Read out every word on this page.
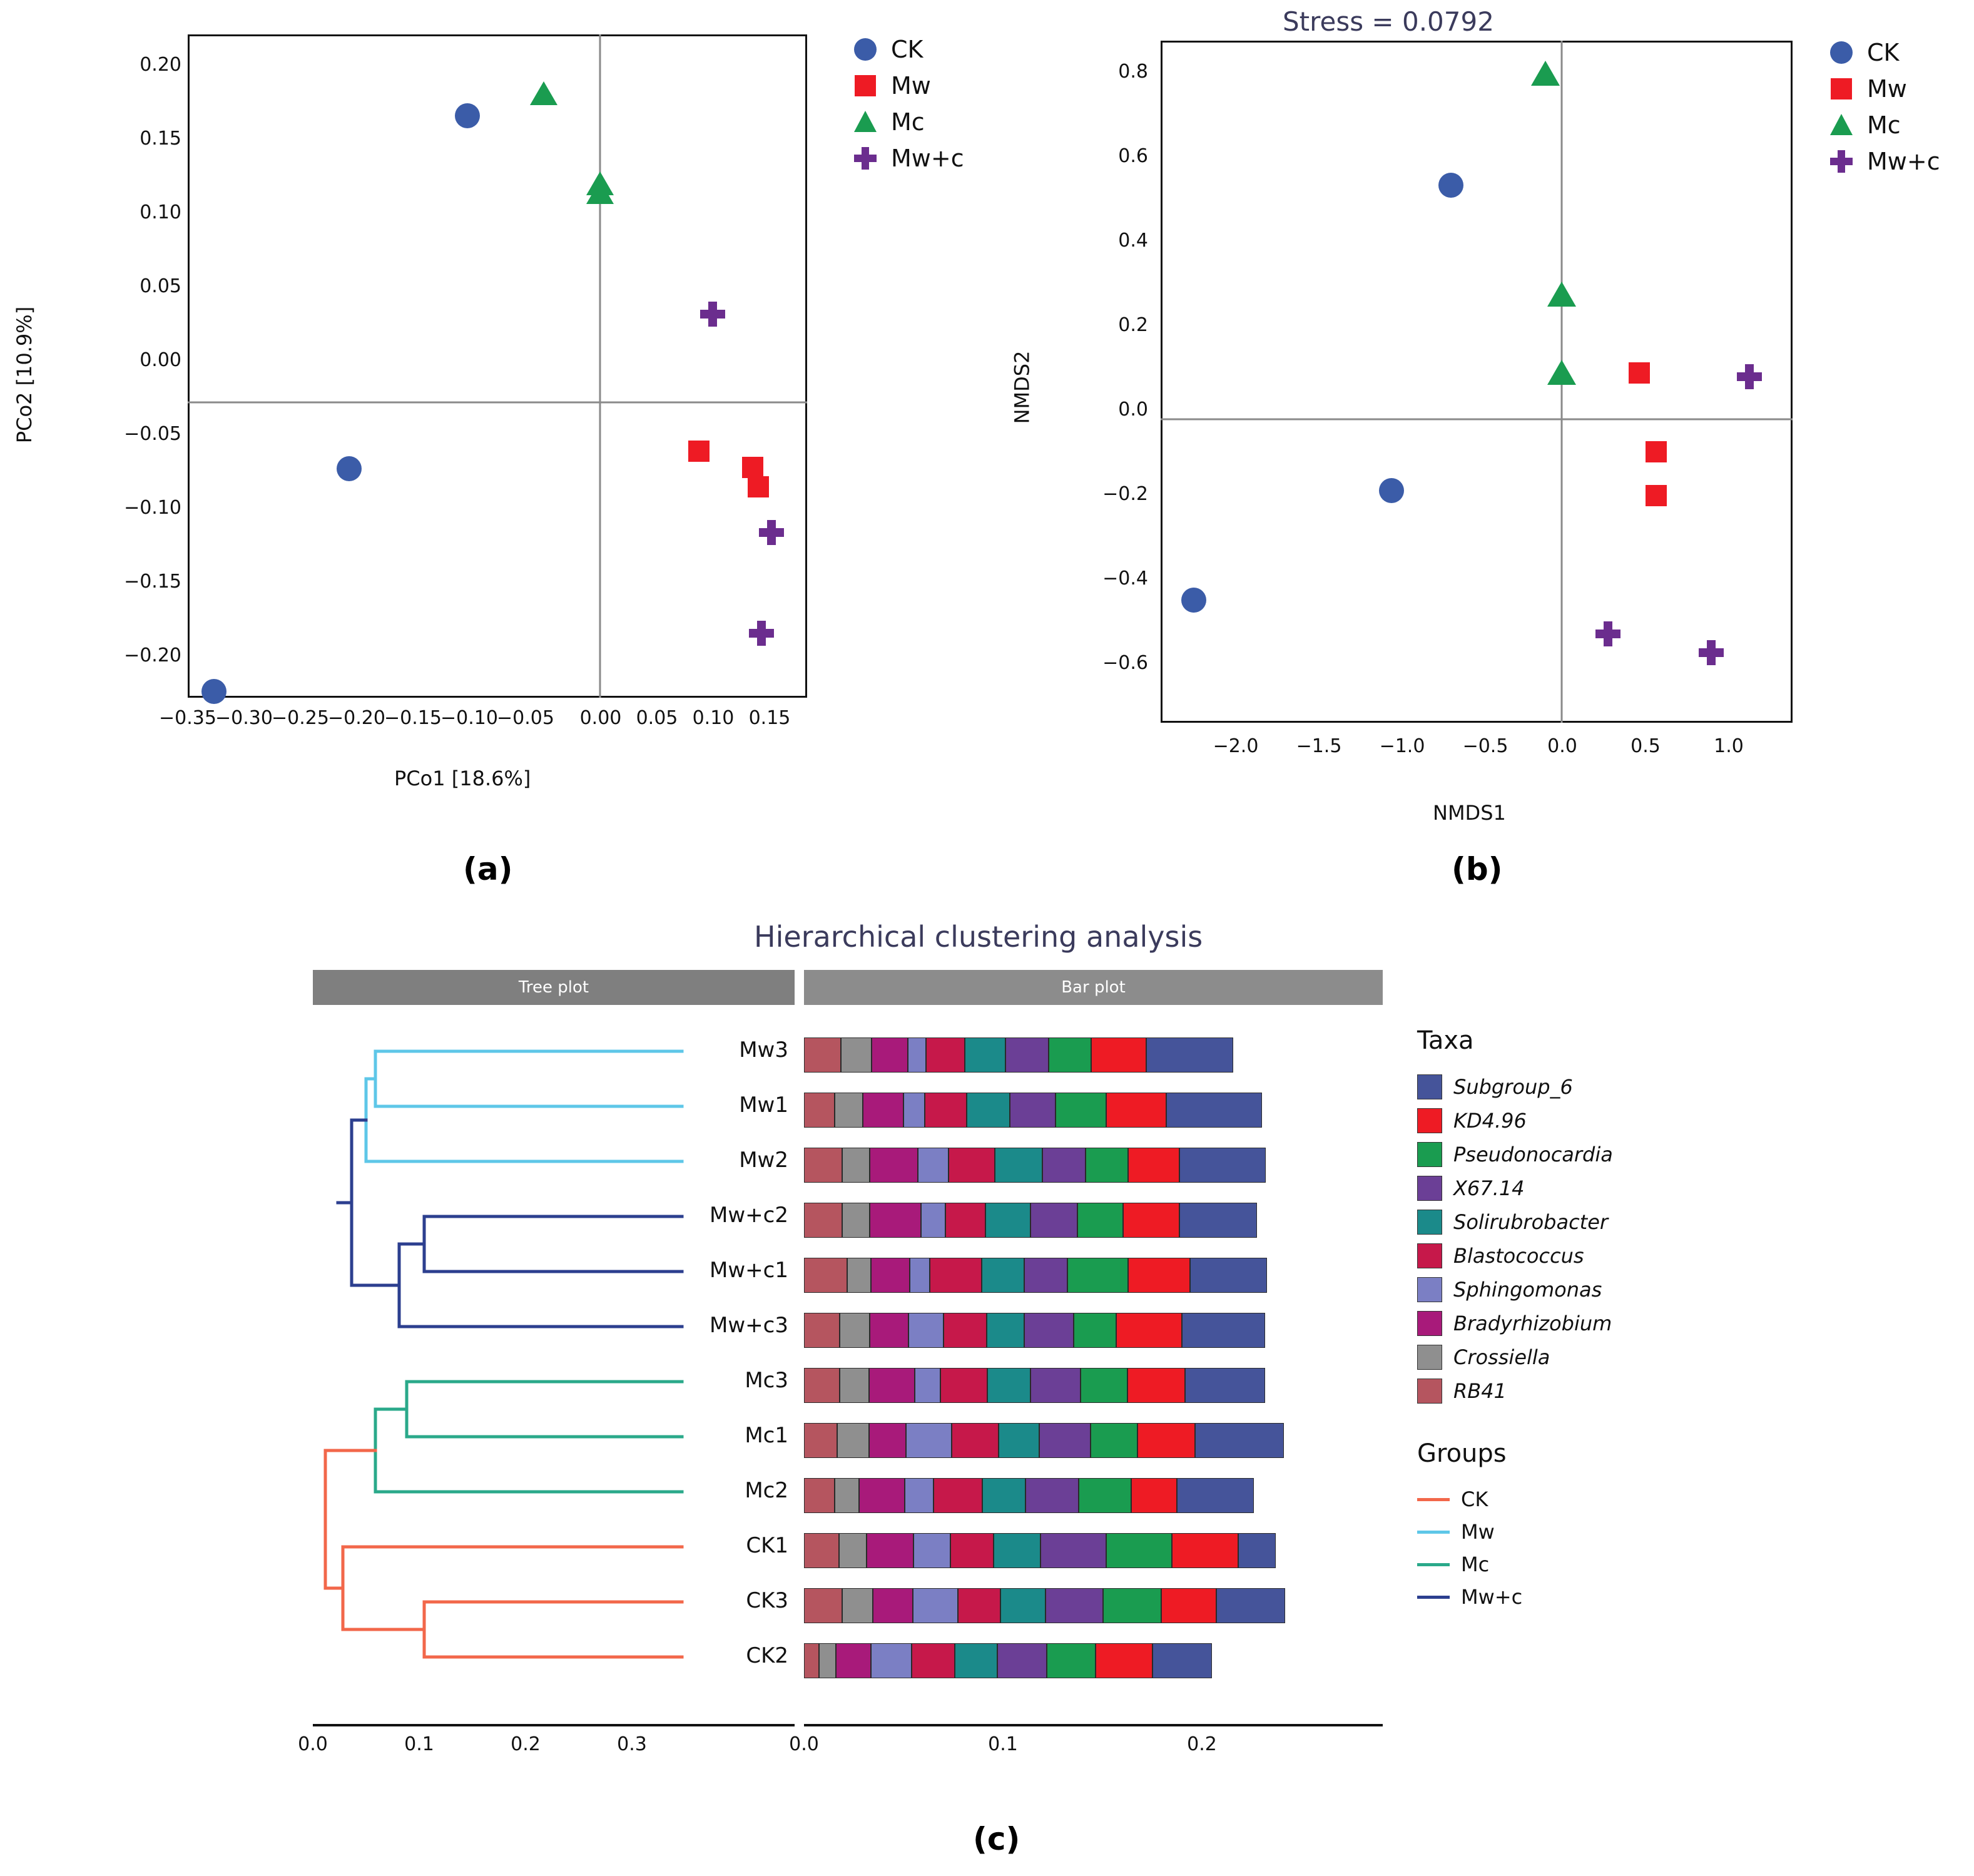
0.20
0.15
0.10
0.05
0.00
−0.05
−0.10
−0.15
−0.20
−0.35
−0.30
−0.25
−0.20
−0.15
−0.10
−0.05	0.00 0.05 0.10 0.15
PCo1 [18.6%]
PCo2 [10.9%]
CK
Mw
Mc
Mw+c
Stress = 0.0792
0.8
0.6
0.4
0.2
0.0
−0.2
−0.4
−0.6
−2.0	−1.5	−1.0	−0.5	0.0	0.5	1.0
NMDS1
NMDS2
CK
Mw
Mc
Mw+c
(a)	(b)
Hierarchical clustering analysis
Tree plot	Bar plot
Mw3
Mw1
Mw2
Mw+c2
Mw+c1
Mw+c3
Mc3
Mc1
Mc2
CK1
CK3
CK2
0.0	0.1	0.2	0.3	0.0	0.1	0.2
Taxa
Subgroup_6
KD4.96
Pseudonocardia
X67.14
Solirubrobacter
Blastococcus
Sphingomonas
Bradyrhizobium
Crossiella
RB41
Groups
CK
Mw
Mc
Mw+c
(c)
